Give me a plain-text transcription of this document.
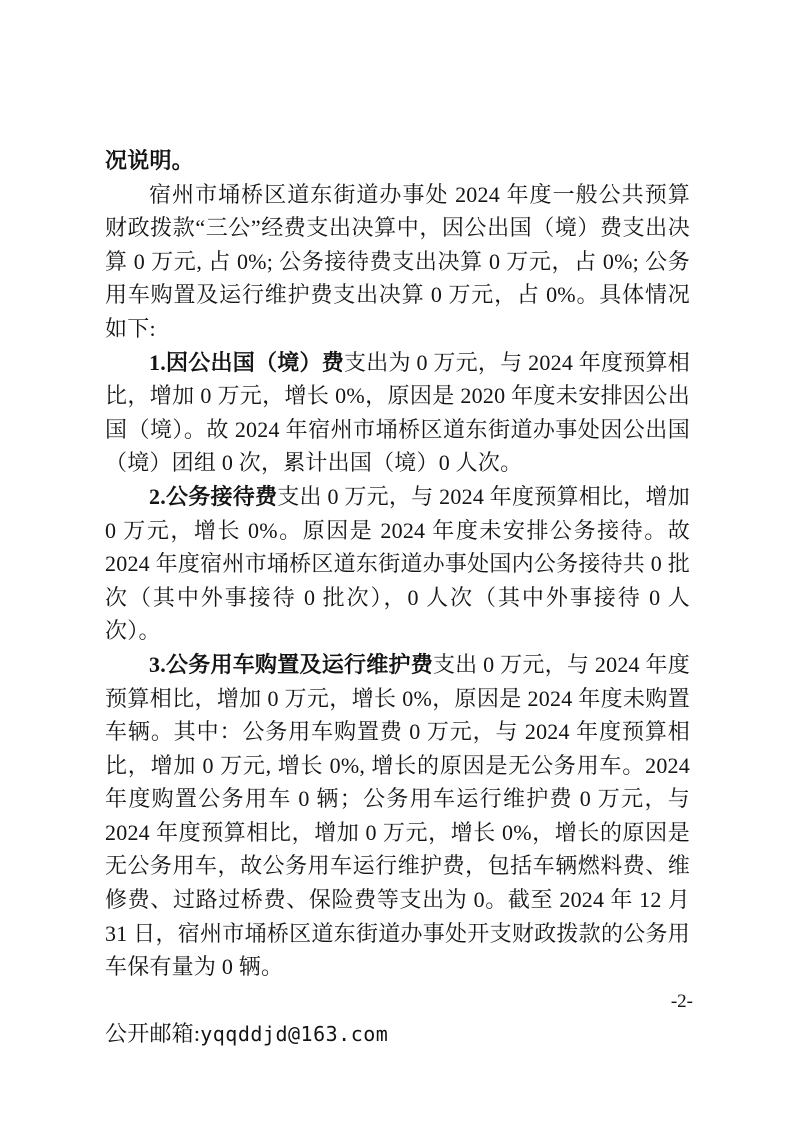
况说明。

宿州市埇桥区道东街道办事处 2024 年度一般公共预算财政拨款“三公”经费支出决算中，因公出国（境）费支出决算 0 万元, 占 0%; 公务接待费支出决算 0 万元，占 0%; 公务用车购置及运行维护费支出决算 0 万元，占 0%。具体情况如下:

1.因公出国（境）费支出为 0 万元，与 2024 年度预算相比，增加 0 万元，增长 0%，原因是 2020 年度未安排因公出国（境）。故 2024 年宿州市埇桥区道东街道办事处因公出国（境）团组 0 次，累计出国（境）0 人次。

2.公务接待费支出 0 万元，与 2024 年度预算相比，增加 0 万元，增长 0%。原因是 2024 年度未安排公务接待。故 2024 年度宿州市埇桥区道东街道办事处国内公务接待共 0 批次（其中外事接待 0 批次），0 人次（其中外事接待 0 人次）。

3.公务用车购置及运行维护费支出 0 万元，与 2024 年度预算相比，增加 0 万元，增长 0%，原因是 2024 年度未购置车辆。其中：公务用车购置费 0 万元，与 2024 年度预算相比，增加 0 万元, 增长 0%, 增长的原因是无公务用车。2024 年度购置公务用车 0 辆；公务用车运行维护费 0 万元，与 2024 年度预算相比，增加 0 万元，增长 0%，增长的原因是无公务用车，故公务用车运行维护费，包括车辆燃料费、维修费、过路过桥费、保险费等支出为 0。截至 2024 年 12 月 31 日，宿州市埇桥区道东街道办事处开支财政拨款的公务用车保有量为 0 辆。

公开邮箱:yqqddjd@163.com

-2-
